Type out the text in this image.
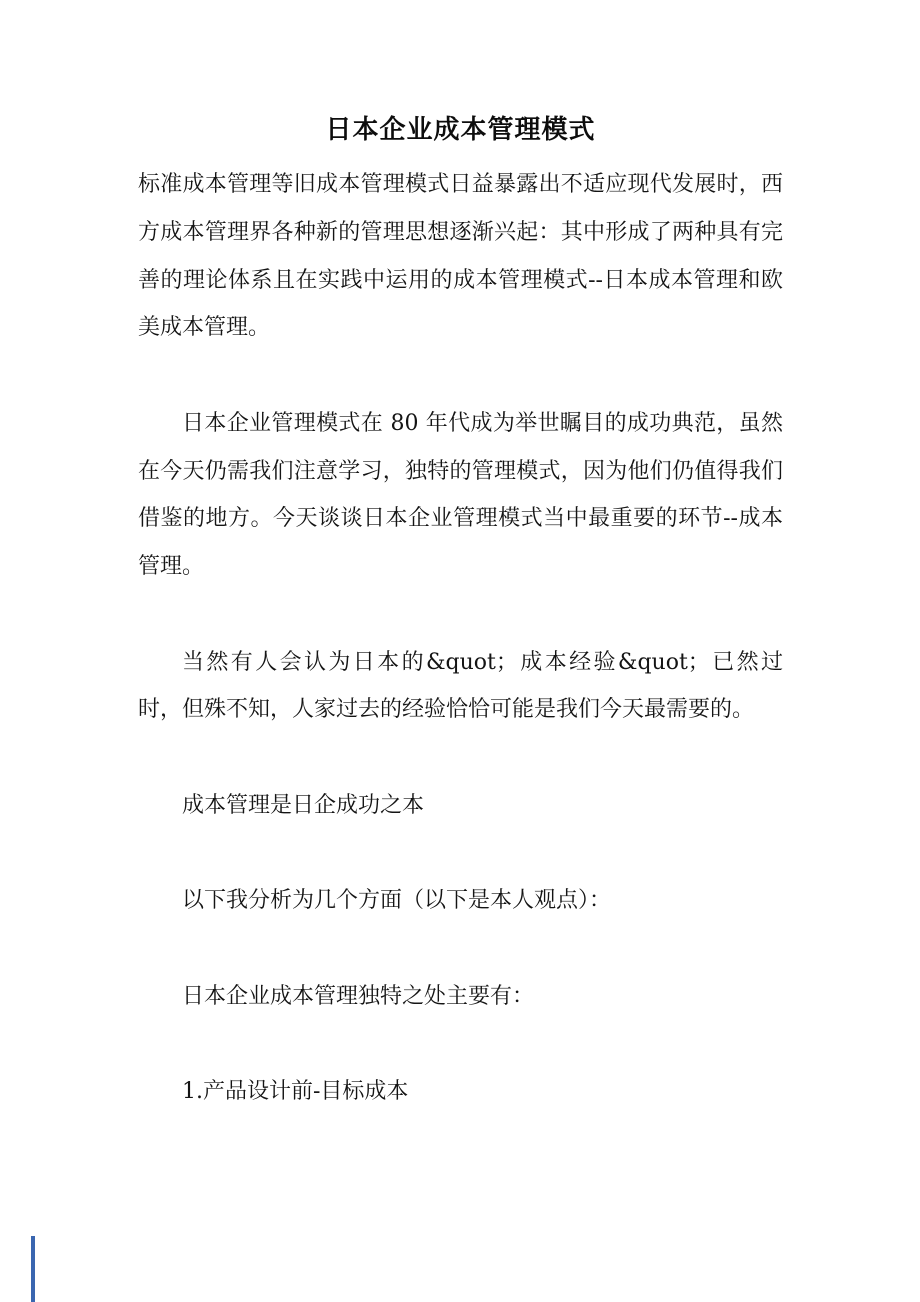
日本企业成本管理模式

标准成本管理等旧成本管理模式日益暴露出不适应现代发展时，西方成本管理界各种新的管理思想逐渐兴起：其中形成了两种具有完善的理论体系且在实践中运用的成本管理模式--日本成本管理和欧美成本管理。

日本企业管理模式在 80 年代成为举世瞩目的成功典范，虽然在今天仍需我们注意学习，独特的管理模式，因为他们仍值得我们借鉴的地方。今天谈谈日本企业管理模式当中最重要的环节--成本管理。

当然有人会认为日本的&quot；成本经验&quot；已然过时，但殊不知，人家过去的经验恰恰可能是我们今天最需要的。

成本管理是日企成功之本

以下我分析为几个方面（以下是本人观点）：

日本企业成本管理独特之处主要有：

1.产品设计前-目标成本
